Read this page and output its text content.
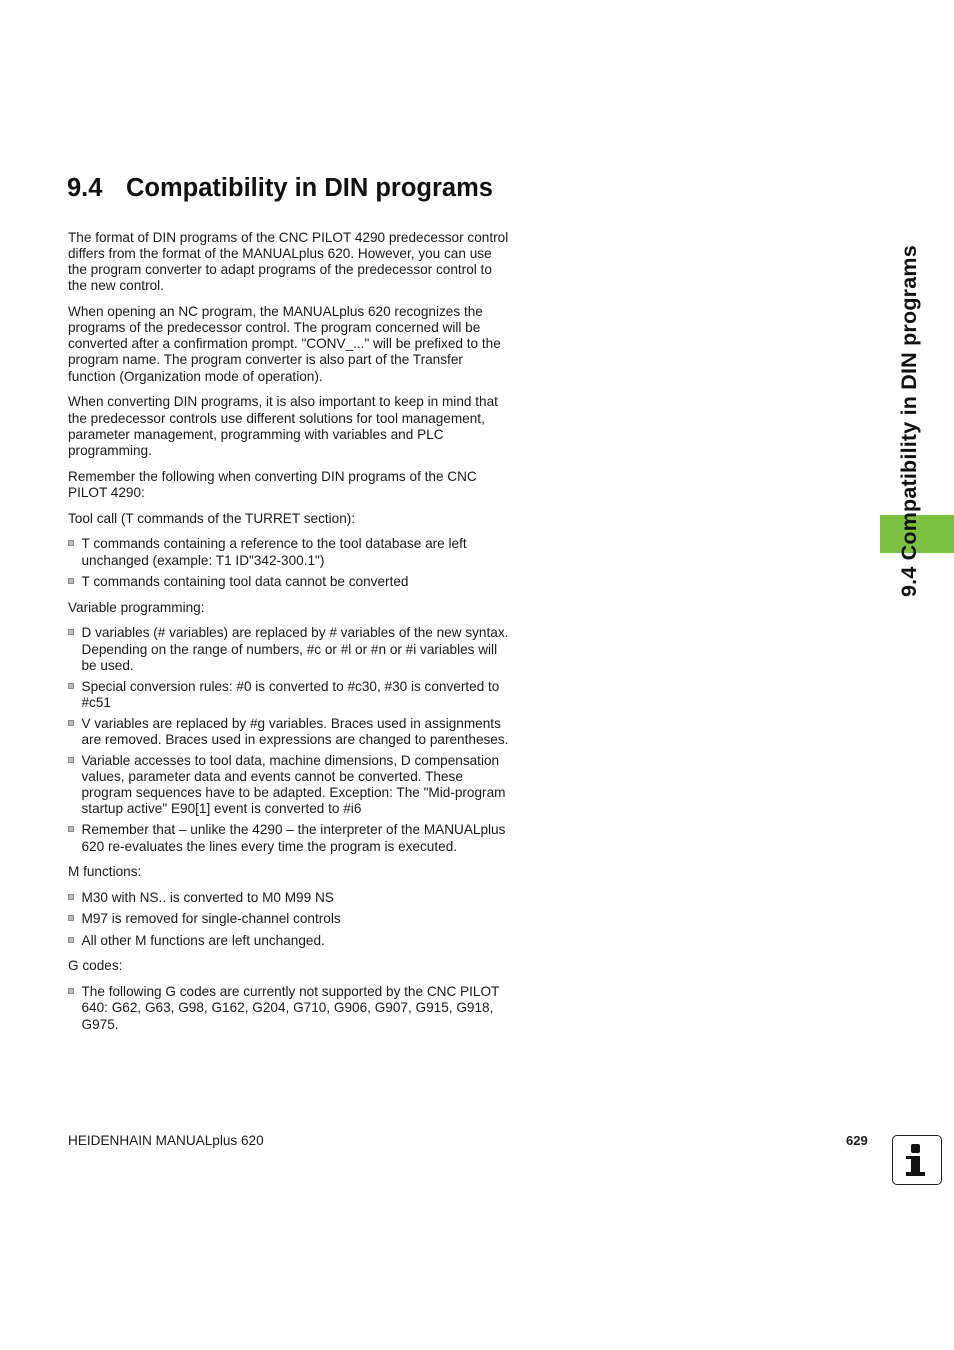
9.4 Compatibility in DIN programs

The format of DIN programs of the CNC PILOT 4290 predecessor control differs from the format of the MANUALplus 620. However, you can use the program converter to adapt programs of the predecessor control to the new control.

When opening an NC program, the MANUALplus 620 recognizes the programs of the predecessor control. The program concerned will be converted after a confirmation prompt. "CONV_..." will be prefixed to the program name. The program converter is also part of the Transfer function (Organization mode of operation).

When converting DIN programs, it is also important to keep in mind that the predecessor controls use different solutions for tool management, parameter management, programming with variables and PLC programming.

Remember the following when converting DIN programs of the CNC PILOT 4290:

Tool call (T commands of the TURRET section):

T commands containing a reference to the tool database are left unchanged (example: T1 ID"342-300.1")
T commands containing tool data cannot be converted

Variable programming:

D variables (# variables) are replaced by # variables of the new syntax. Depending on the range of numbers, #c or #l or #n or #i variables will be used.
Special conversion rules: #0 is converted to #c30, #30 is converted to #c51
V variables are replaced by #g variables. Braces used in assignments are removed. Braces used in expressions are changed to parentheses.
Variable accesses to tool data, machine dimensions, D compensation values, parameter data and events cannot be converted. These program sequences have to be adapted. Exception: The "Mid-program startup active" E90[1] event is converted to #i6
Remember that – unlike the 4290 – the interpreter of the MANUALplus 620 re-evaluates the lines every time the program is executed.

M functions:

M30 with NS.. is converted to M0 M99 NS
M97 is removed for single-channel controls
All other M functions are left unchanged.

G codes:

The following G codes are currently not supported by the CNC PILOT 640: G62, G63, G98, G162, G204, G710, G906, G907, G915, G918, G975.
9.4 Compatibility in DIN programs
HEIDENHAIN MANUALplus 620	629
